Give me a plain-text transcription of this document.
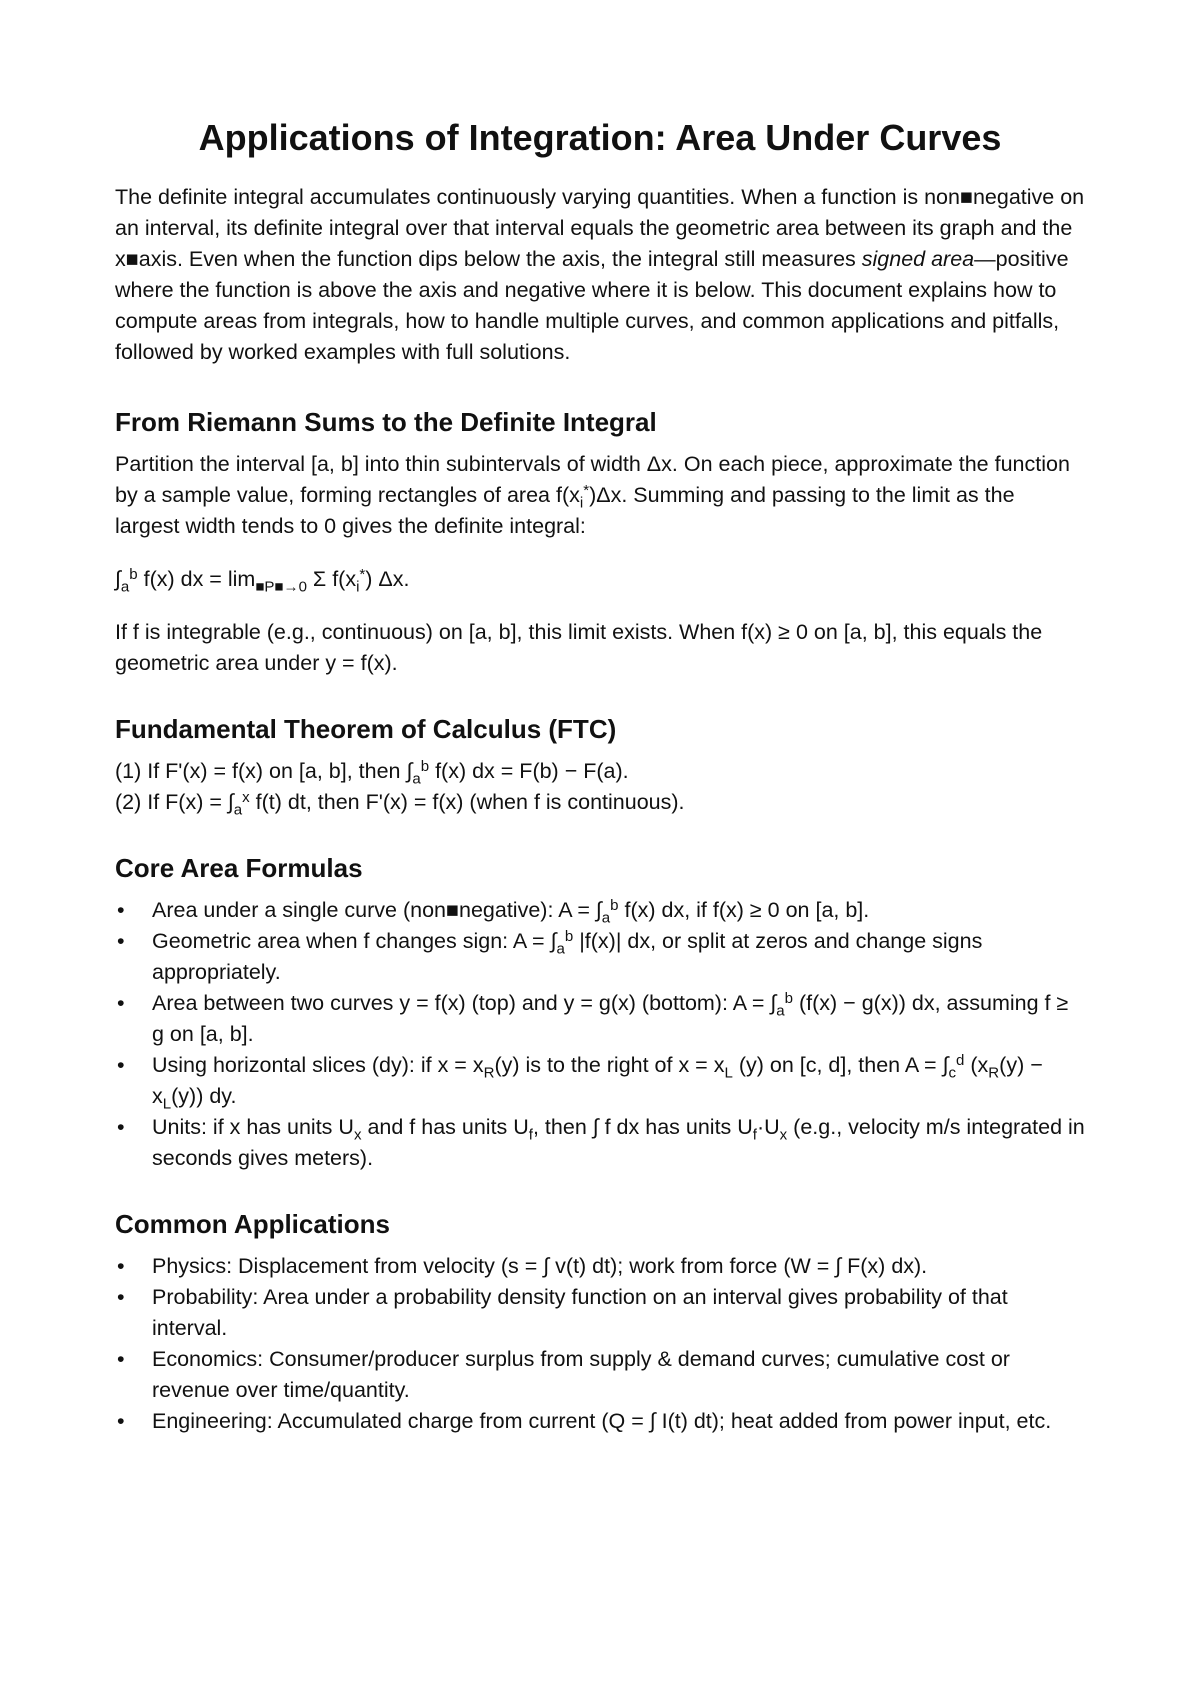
Applications of Integration: Area Under Curves

The definite integral accumulates continuously varying quantities. When a function is non■negative on an interval, its definite integral over that interval equals the geometric area between its graph and the x■axis. Even when the function dips below the axis, the integral still measures signed area—positive where the function is above the axis and negative where it is below. This document explains how to compute areas from integrals, how to handle multiple curves, and common applications and pitfalls, followed by worked examples with full solutions.

From Riemann Sums to the Definite Integral

Partition the interval [a, b] into thin subintervals of width Δx. On each piece, approximate the function by a sample value, forming rectangles of area $f(x_i^*)\Delta x$. Summing and passing to the limit as the largest width tends to 0 gives the definite integral:

$\int_a^b$ f(x) dx = $\lim_{■P■\to 0} \Sigma$ $f(x_i^*)$ Δx.

If f is integrable (e.g., continuous) on [a, b], this limit exists. When f(x) ≥ 0 on [a, b], this equals the geometric area under y = f(x).

Fundamental Theorem of Calculus (FTC)

(1) If F'(x) = f(x) on [a, b], then $\int_a^b$ f(x) dx = F(b) − F(a).

(2) If $F(x) = \int_a^x$ f(t) dt, then F'(x) = f(x) (when f is continuous).

Core Area Formulas
• Area under a single curve (non■negative): $A = \int_a^b$ f(x) dx, if f(x) ≥ 0 on [a, b].
• Geometric area when f changes sign: $A = \int_a^b$ |f(x)| dx, or split at zeros and change signs appropriately.
• Area between two curves y = f(x) (top) and y = g(x) (bottom): $A = \int_a^b$ (f(x) − g(x)) dx, assuming f ≥ g on [a, b].
• Using horizontal slices (dy): if $x = x_R(y)$ is to the right of $x = x_L$ (y) on [c, d], then $A = \int_c^d$ $(x_R(y) - x_L(y))$ dy.
• Units: if x has units $U_x$ and f has units $U_f$, then ∫ f dx has units $U_f\cdot U_x$ (e.g., velocity m/s integrated in seconds gives meters).
Common Applications
• Physics: Displacement from velocity (s = ∫ v(t) dt); work from force (W = ∫ F(x) dx).
• Probability: Area under a probability density function on an interval gives probability of that interval.
• Economics: Consumer/producer surplus from supply & demand curves; cumulative cost or revenue over time/quantity.
• Engineering: Accumulated charge from current (Q = ∫ I(t) dt); heat added from power input, etc.
